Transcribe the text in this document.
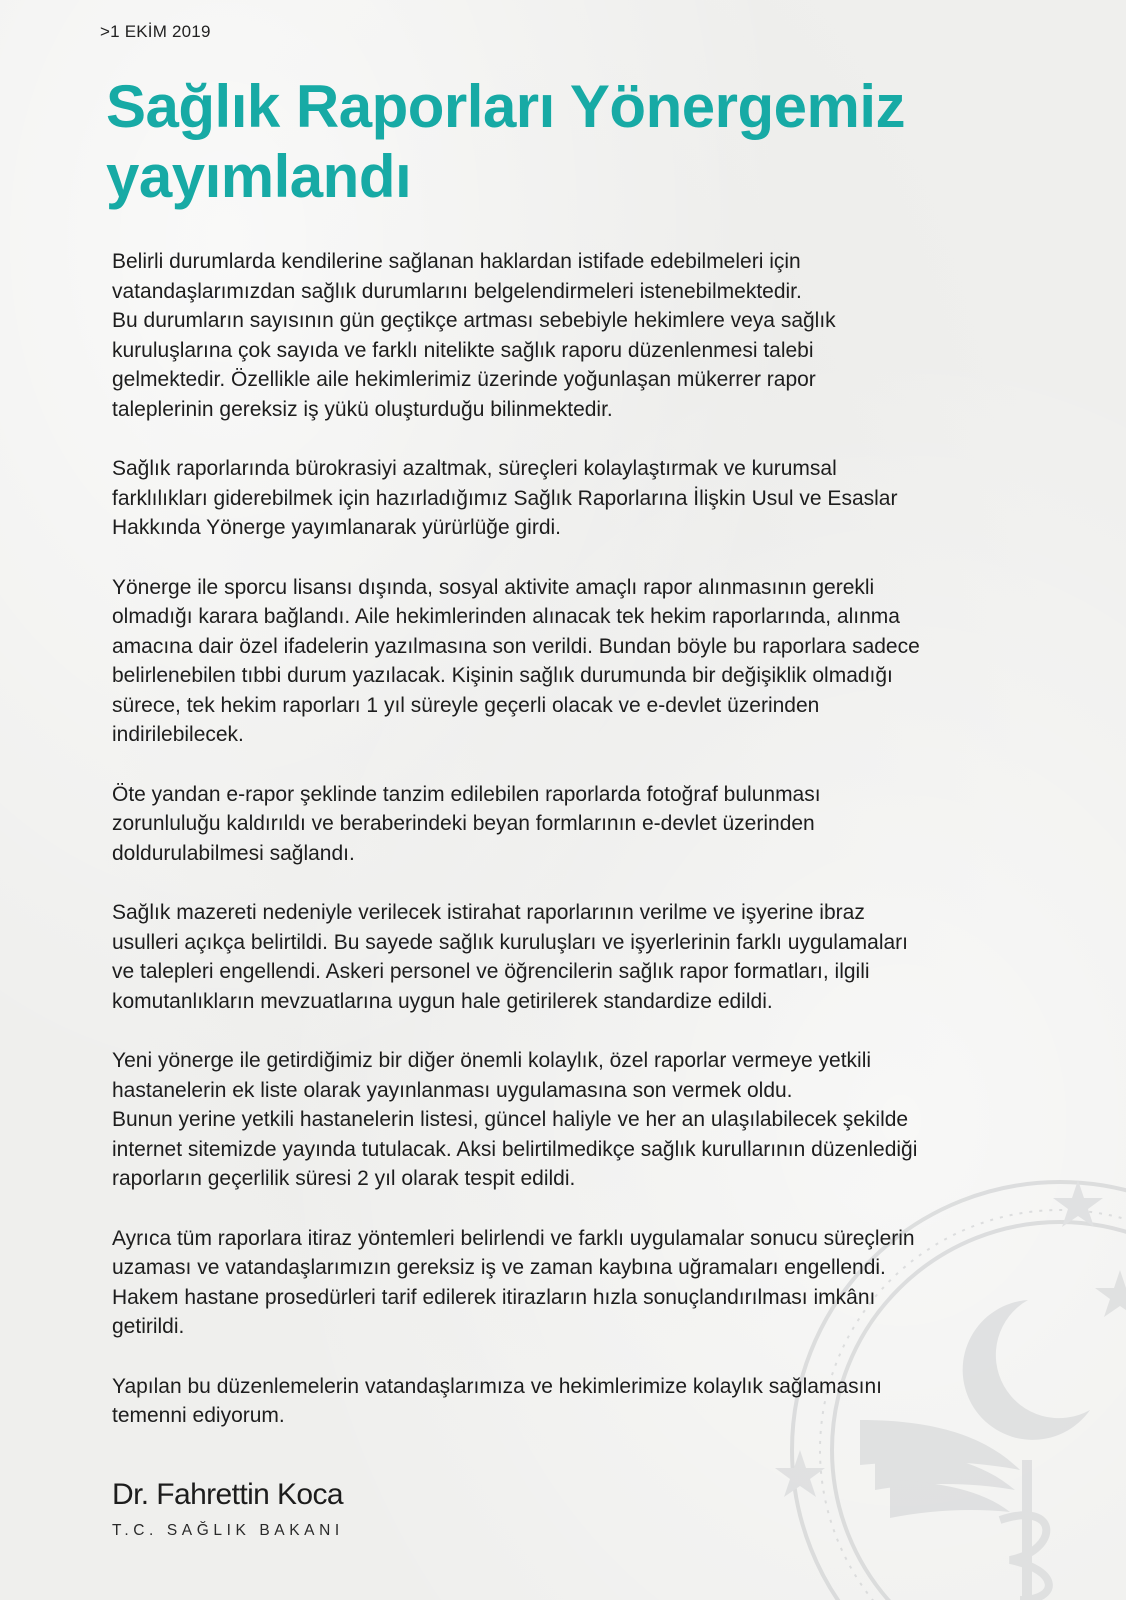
>1 EKİM 2019
Sağlık Raporları Yönergemiz yayımlandı

Belirli durumlarda kendilerine sağlanan haklardan istifade edebilmeleri için
vatandaşlarımızdan sağlık durumlarını belgelendirmeleri istenebilmektedir.
Bu durumların sayısının gün geçtikçe artması sebebiyle hekimlere veya sağlık
kuruluşlarına çok sayıda ve farklı nitelikte sağlık raporu düzenlenmesi talebi
gelmektedir. Özellikle aile hekimlerimiz üzerinde yoğunlaşan mükerrer rapor
taleplerinin gereksiz iş yükü oluşturduğu bilinmektedir.

Sağlık raporlarında bürokrasiyi azaltmak, süreçleri kolaylaştırmak ve kurumsal
farklılıkları giderebilmek için hazırladığımız Sağlık Raporlarına İlişkin Usul ve Esaslar
Hakkında Yönerge yayımlanarak yürürlüğe girdi.

Yönerge ile sporcu lisansı dışında, sosyal aktivite amaçlı rapor alınmasının gerekli
olmadığı karara bağlandı. Aile hekimlerinden alınacak tek hekim raporlarında, alınma
amacına dair özel ifadelerin yazılmasına son verildi. Bundan böyle bu raporlara sadece
belirlenebilen tıbbi durum yazılacak. Kişinin sağlık durumunda bir değişiklik olmadığı
sürece, tek hekim raporları 1 yıl süreyle geçerli olacak ve e-devlet üzerinden
indirilebilecek.

Öte yandan e-rapor şeklinde tanzim edilebilen raporlarda fotoğraf bulunması
zorunluluğu kaldırıldı ve beraberindeki beyan formlarının e-devlet üzerinden
doldurulabilmesi sağlandı.

Sağlık mazereti nedeniyle verilecek istirahat raporlarının verilme ve işyerine ibraz
usulleri açıkça belirtildi. Bu sayede sağlık kuruluşları ve işyerlerinin farklı uygulamaları
ve talepleri engellendi. Askeri personel ve öğrencilerin sağlık rapor formatları, ilgili
komutanlıkların mevzuatlarına uygun hale getirilerek standardize edildi.

Yeni yönerge ile getirdiğimiz bir diğer önemli kolaylık, özel raporlar vermeye yetkili
hastanelerin ek liste olarak yayınlanması uygulamasına son vermek oldu.
Bunun yerine yetkili hastanelerin listesi, güncel haliyle ve her an ulaşılabilecek şekilde
internet sitemizde yayında tutulacak. Aksi belirtilmedikçe sağlık kurullarının düzenlediği
raporların geçerlilik süresi 2 yıl olarak tespit edildi.

Ayrıca tüm raporlara itiraz yöntemleri belirlendi ve farklı uygulamalar sonucu süreçlerin
uzaması ve vatandaşlarımızın gereksiz iş ve zaman kaybına uğramaları engellendi.
Hakem hastane prosedürleri tarif edilerek itirazların hızla sonuçlandırılması imkânı
getirildi.

Yapılan bu düzenlemelerin vatandaşlarımıza ve hekimlerimize kolaylık sağlamasını
temenni ediyorum.

Dr. Fahrettin Koca
T.C. SAĞLIK BAKANI
